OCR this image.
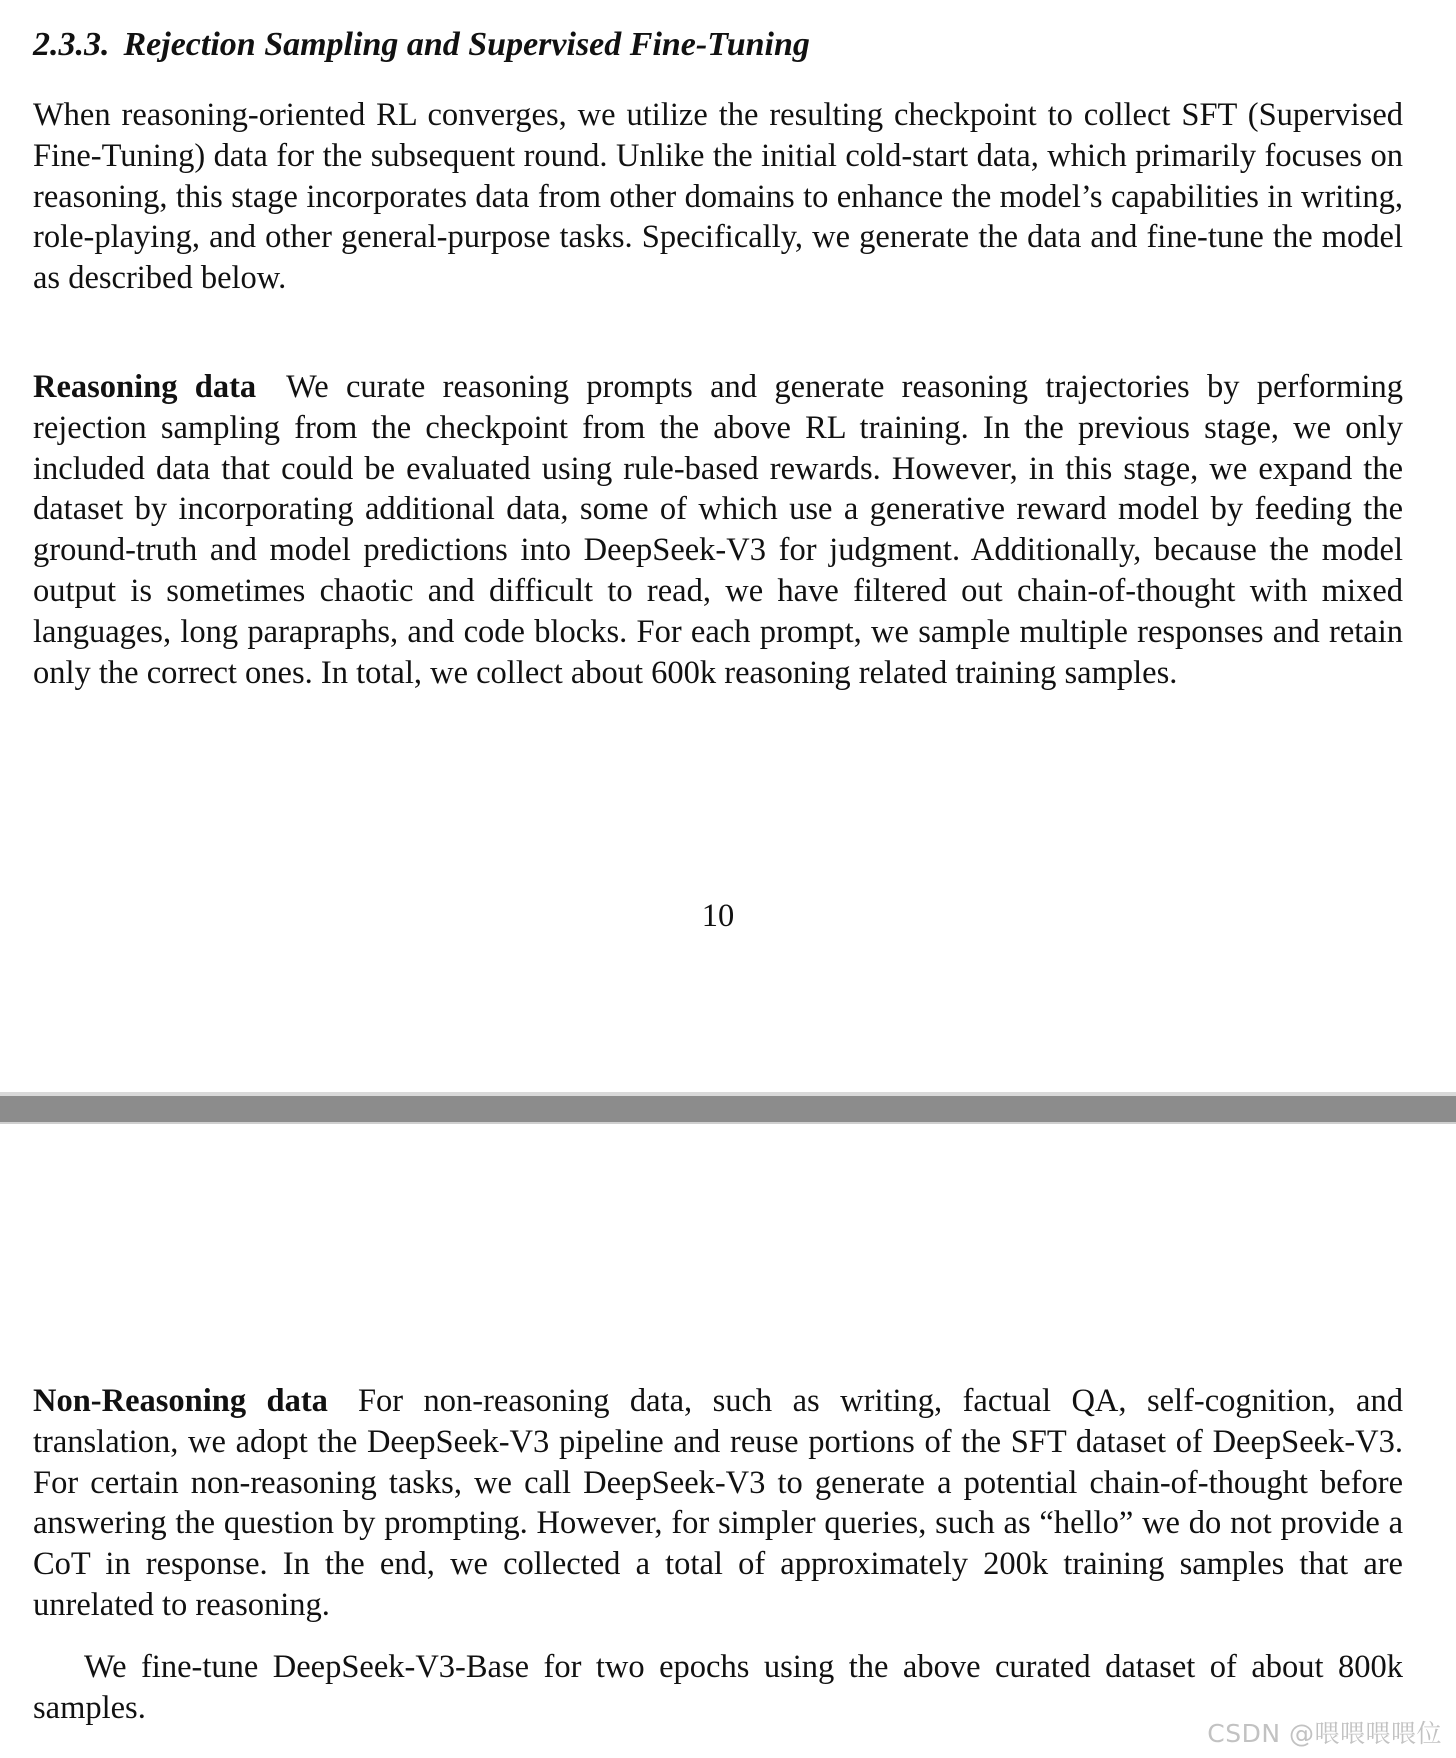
2.3.3. Rejection Sampling and Supervised Fine-Tuning

When reasoning-oriented RL converges, we utilize the resulting checkpoint to collect SFT (Supervised Fine-Tuning) data for the subsequent round. Unlike the initial cold-start data, which primarily focuses on reasoning, this stage incorporates data from other domains to enhance the model’s capabilities in writing, role-playing, and other general-purpose tasks. Specifically, we generate the data and fine-tune the model as described below.

Reasoning data We curate reasoning prompts and generate reasoning trajectories by performing rejection sampling from the checkpoint from the above RL training. In the previous stage, we only included data that could be evaluated using rule-based rewards. However, in this stage, we expand the dataset by incorporating additional data, some of which use a generative reward model by feeding the ground-truth and model predictions into DeepSeek-V3 for judgment. Additionally, because the model output is sometimes chaotic and difficult to read, we have filtered out chain-of-thought with mixed languages, long parapraphs, and code blocks. For each prompt, we sample multiple responses and retain only the correct ones. In total, we collect about 600k reasoning related training samples.

10

Non-Reasoning data For non-reasoning data, such as writing, factual QA, self-cognition, and translation, we adopt the DeepSeek-V3 pipeline and reuse portions of the SFT dataset of DeepSeek-V3. For certain non-reasoning tasks, we call DeepSeek-V3 to generate a potential chain-of-thought before answering the question by prompting. However, for simpler queries, such as “hello” we do not provide a CoT in response. In the end, we collected a total of approximately 200k training samples that are unrelated to reasoning.

We fine-tune DeepSeek-V3-Base for two epochs using the above curated dataset of about 800k samples.

CSDN @喂喂喂喂位
